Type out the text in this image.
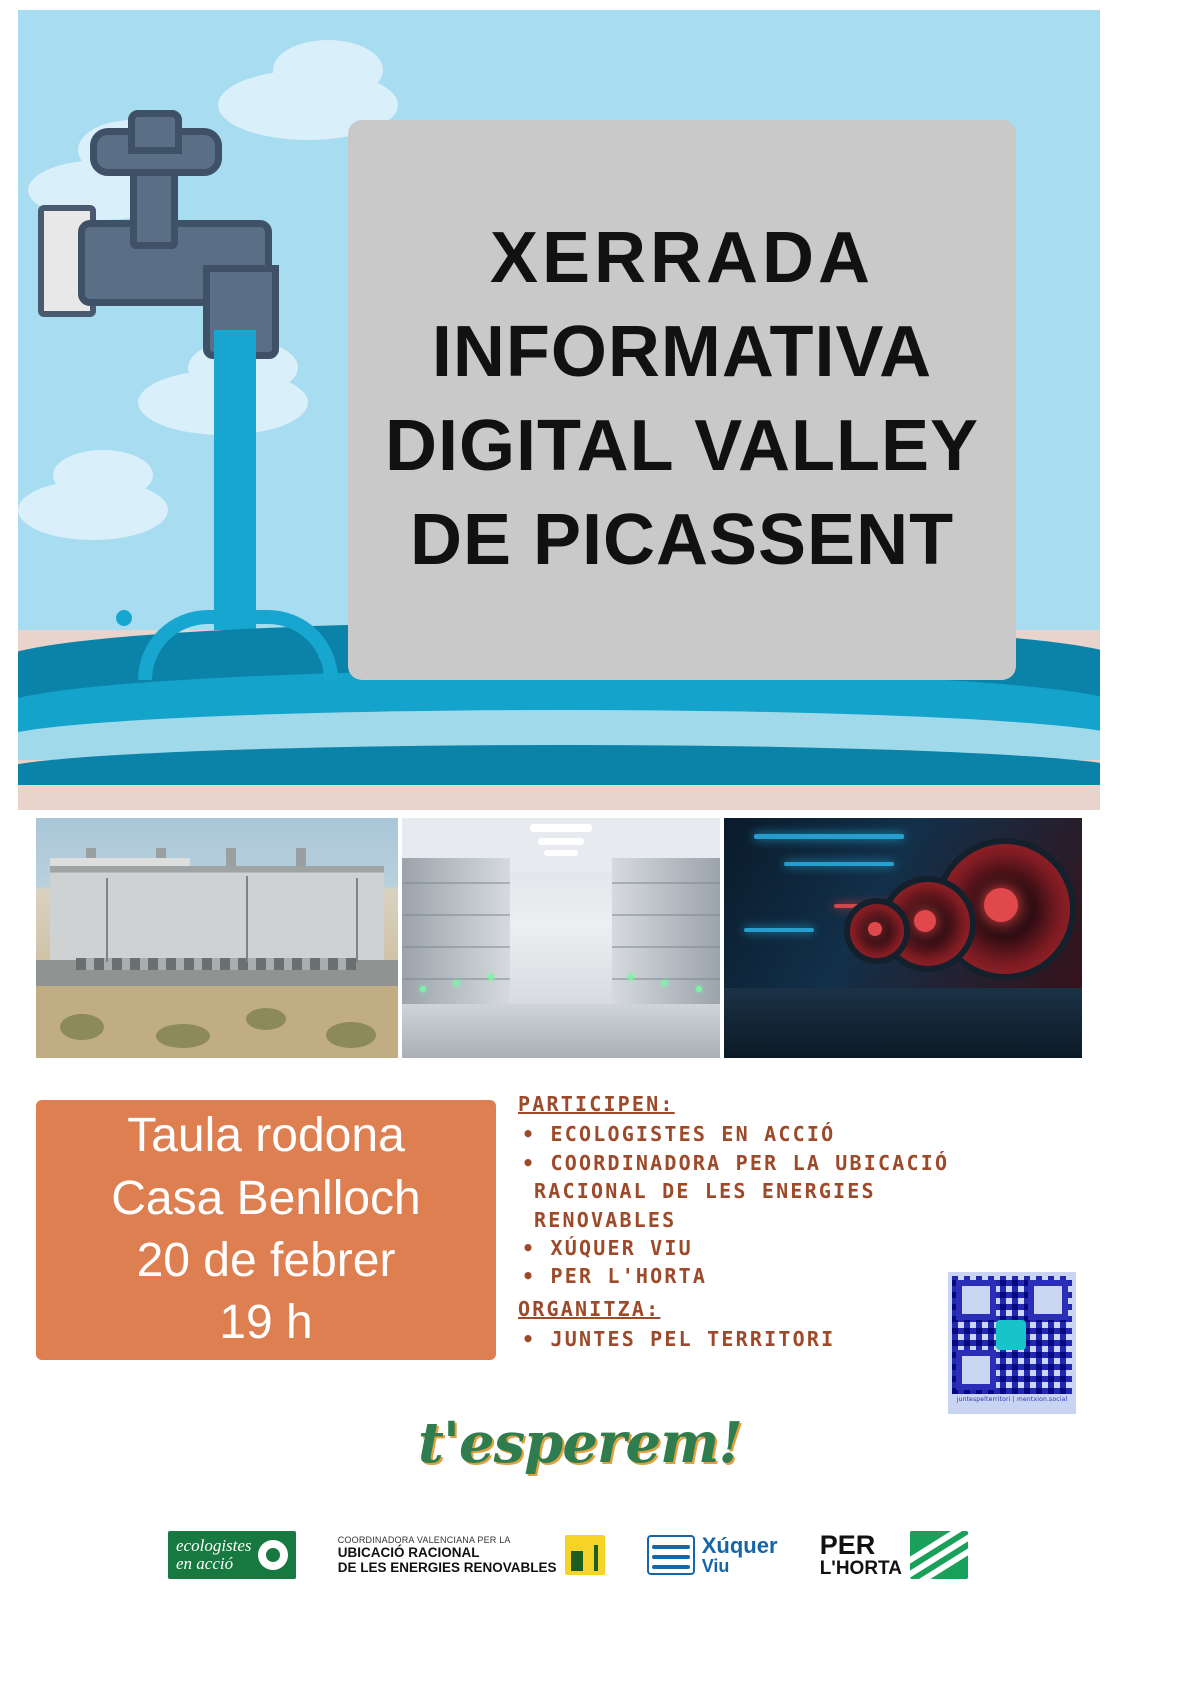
XERRADA
INFORMATIVA
DIGITAL VALLEY
DE PICASSENT
Taula rodona
Casa Benlloch
20 de febrer
19 h
PARTICIPEN:
• ECOLOGISTES EN ACCIÓ
• COORDINADORA PER LA UBICACIÓ
RACIONAL DE LES ENERGIES
RENOVABLES
• XÚQUER VIU
• PER L'HORTA
ORGANITZA:
• JUNTES PEL TERRITORI
juntespelterritori | mentxion.social
t'esperem!
ecologistes
en acció
COORDINADORA VALENCIANA PER LA
UBICACIÓ RACIONAL
DE LES ENERGIES RENOVABLES
Xúquer
Viu
PER
L'HORTA
